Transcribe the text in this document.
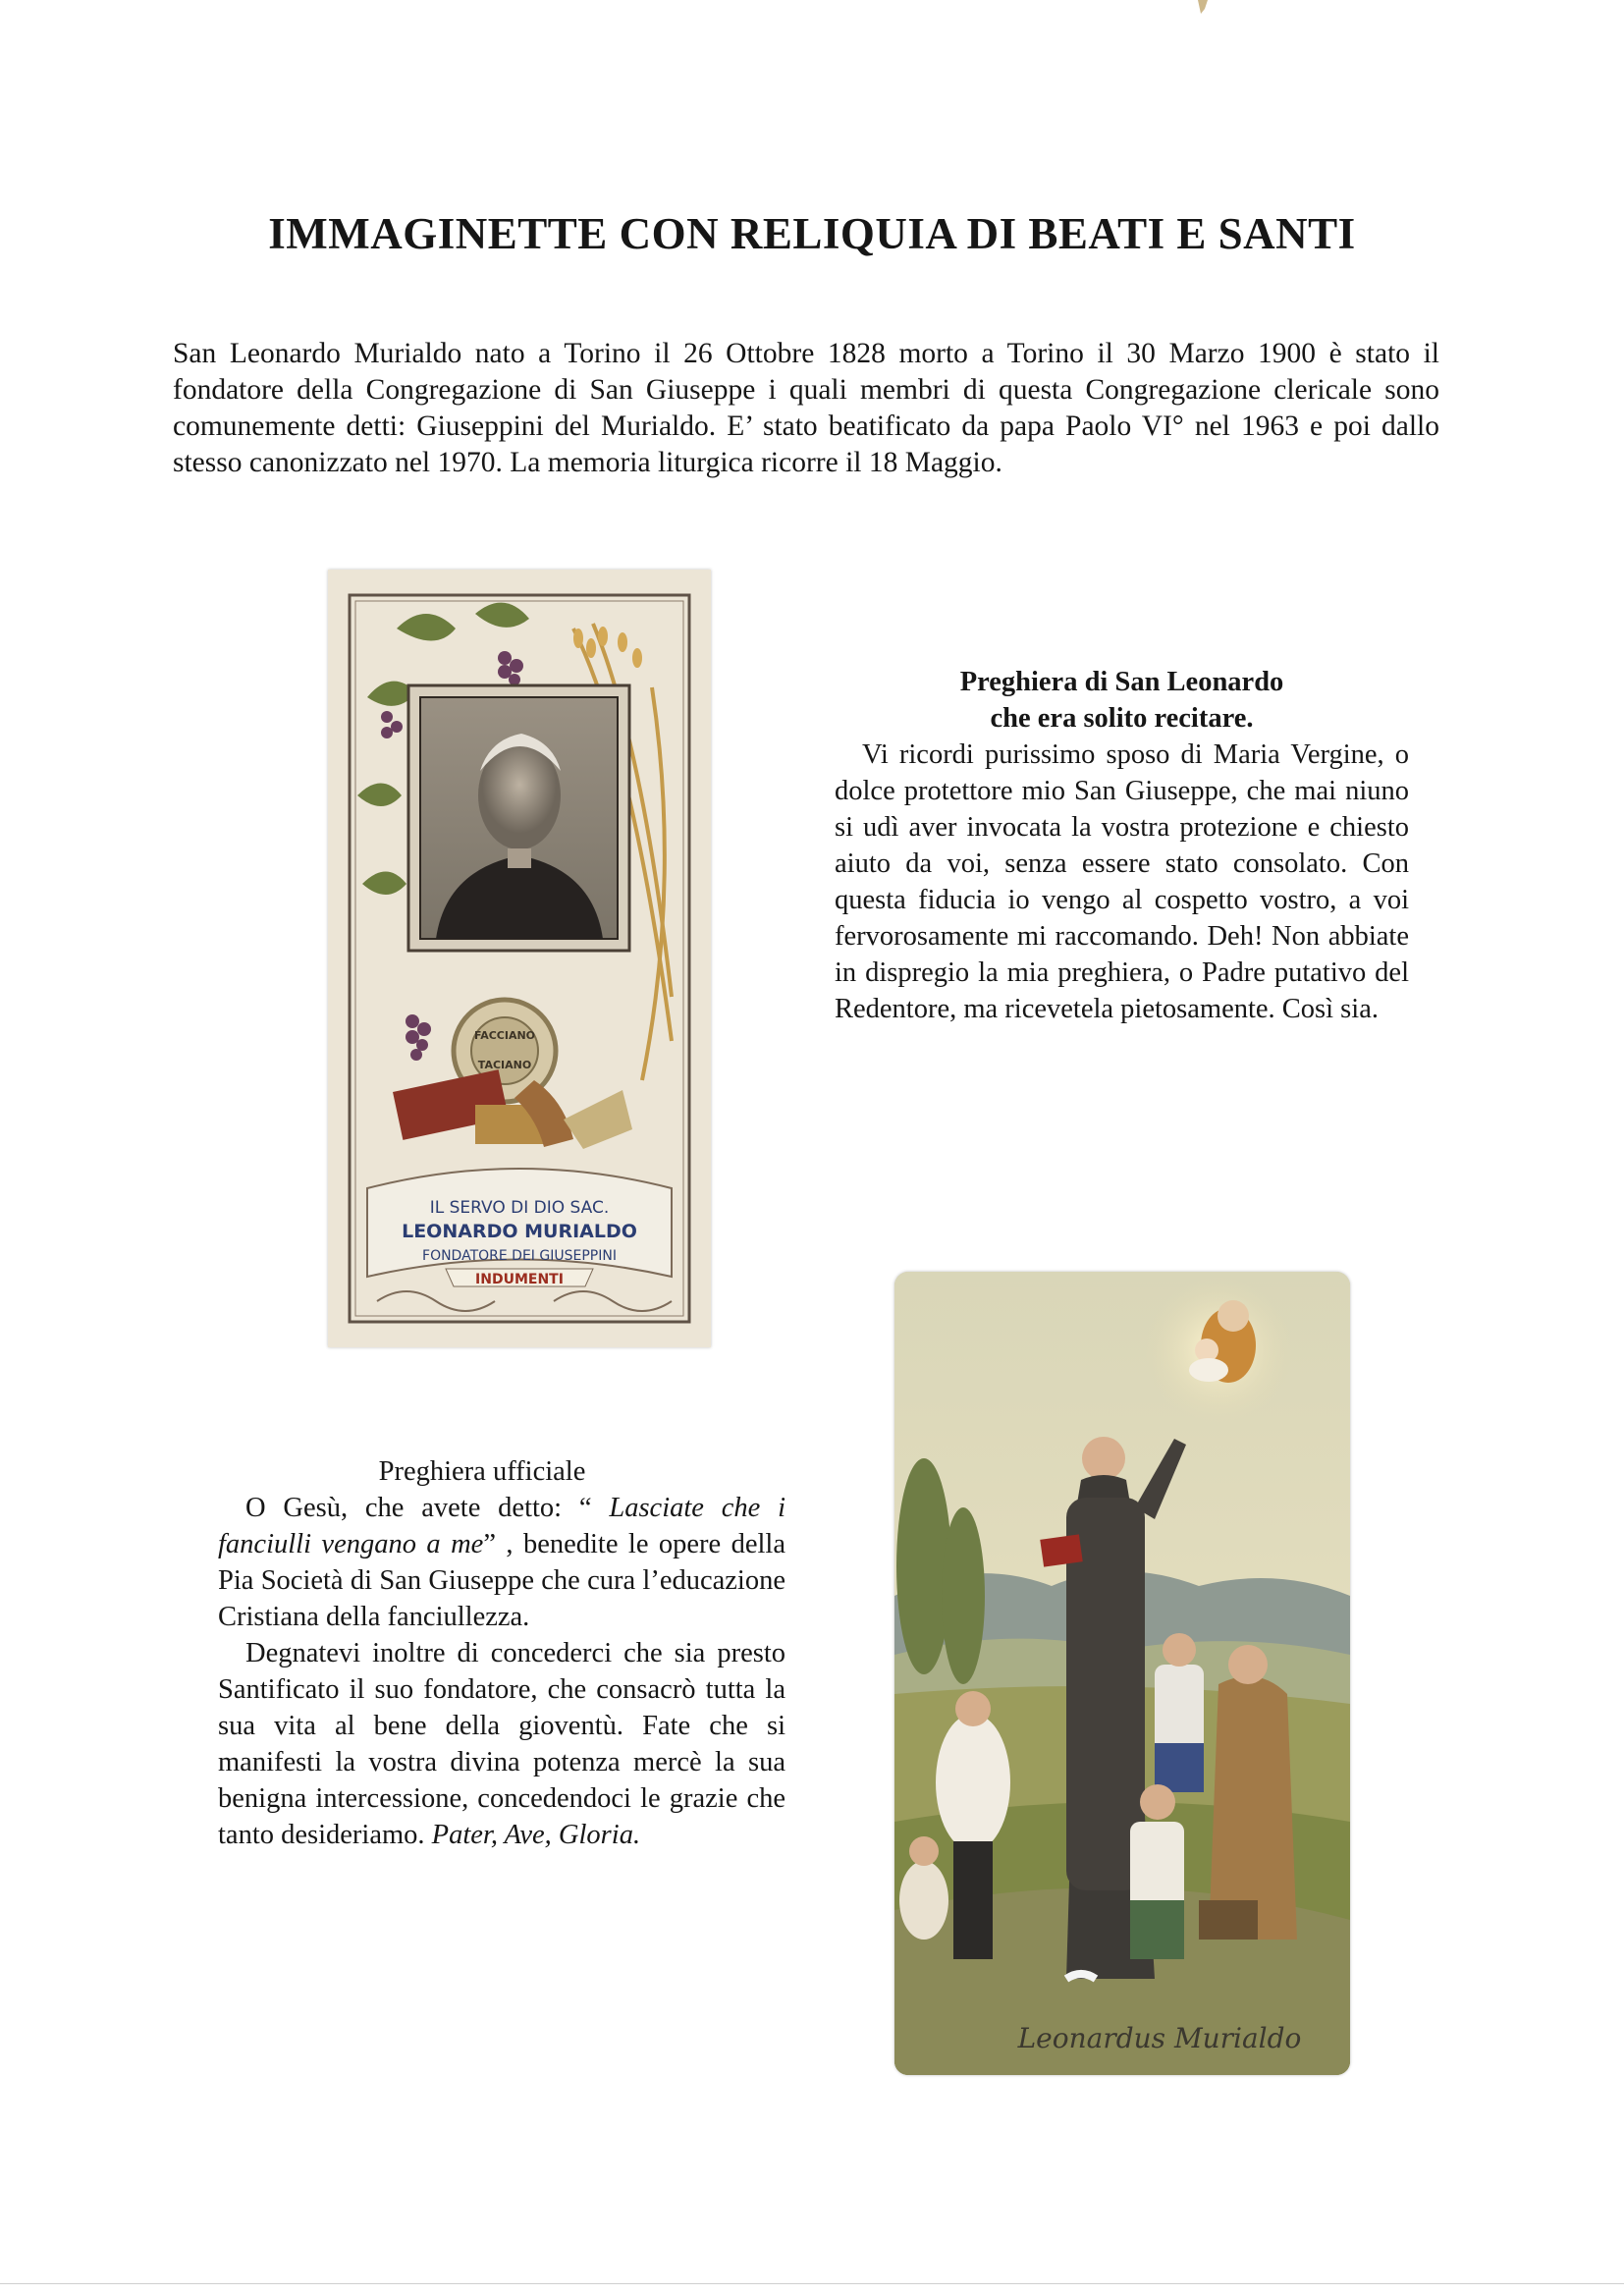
IMMAGINETTE CON RELIQUIA DI BEATI E SANTI

San Leonardo Murialdo nato a Torino il 26 Ottobre 1828 morto a Torino il 30 Marzo 1900 è stato il fondatore della Congregazione di San Giuseppe i quali membri di questa Congregazione clericale sono comunemente detti: Giuseppini del Murialdo. E’ stato beatificato da papa Paolo VI° nel 1963 e poi dallo stesso canonizzato nel 1970. La memoria liturgica ricorre il 18 Maggio.

FACCIANO
TACIANO
IL SERVO DI DIO SAC.
LEONARDO MURIALDO
FONDATORE DEI GIUSEPPINI
INDUMENTI

Preghiera di San Leonardo

che era solito recitare.

Vi ricordi purissimo sposo di Maria Vergine, o dolce protettore mio San Giuseppe, che mai niuno si udì aver invocata la vostra protezione e chiesto aiuto da voi, senza essere stato consolato. Con questa fiducia io vengo al cospetto vostro, a voi fervorosamente mi raccomando. Deh! Non abbiate in dispregio la mia preghiera, o Padre putativo del Redentore, ma ricevetela pietosamente. Così sia.

Preghiera ufficiale

O Gesù, che avete detto: “ Lasciate che i fanciulli vengano a me” , benedite le opere della Pia Società di San Giuseppe che cura l’educazione Cristiana della fanciullezza.

Degnatevi inoltre di concederci che sia presto Santificato il suo fondatore, che consacrò tutta la sua vita al bene della gioventù. Fate che si manifesti la vostra divina potenza mercè la sua benigna intercessione, concedendoci le grazie che tanto desideriamo. Pater, Ave, Gloria.

Leonardus Murialdo
